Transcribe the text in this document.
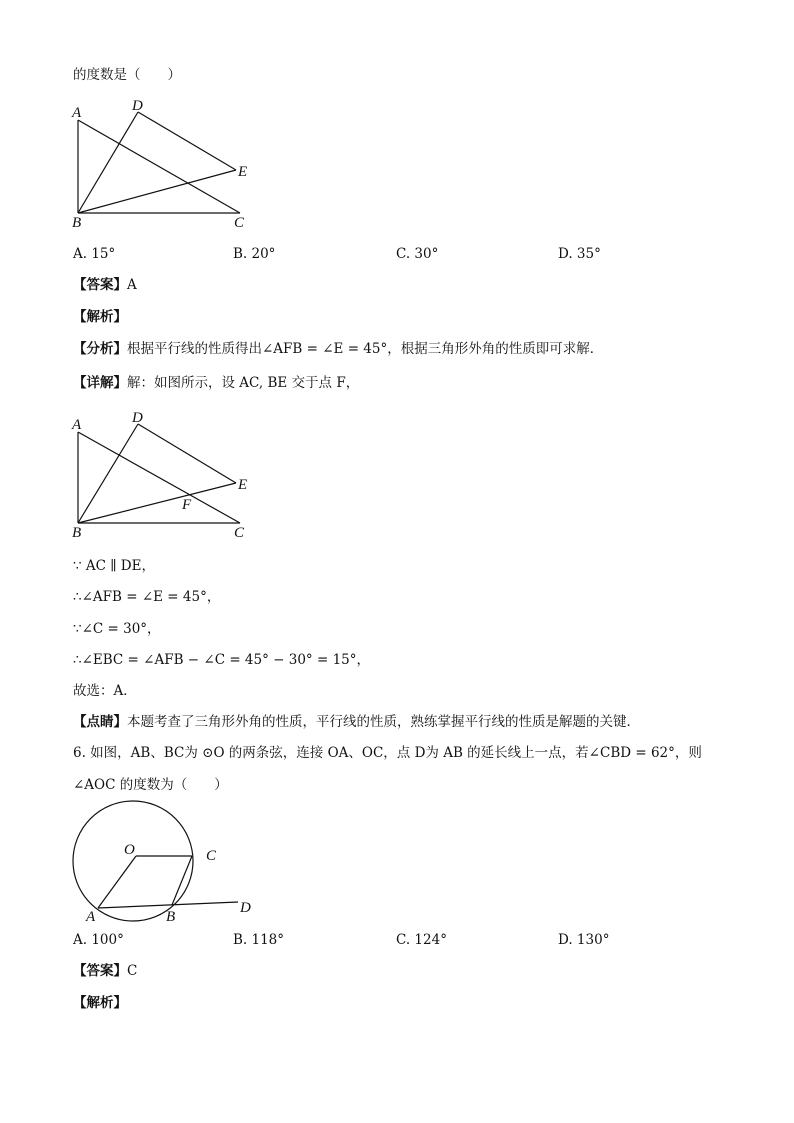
的度数是（　　）
A	D
E
B	C
A. 15°	B. 20°	C. 30°	D. 35°
【答案】A
【解析】
【分析】根据平行线的性质得出∠AFB = ∠E = 45°，根据三角形外角的性质即可求解．
【详解】解：如图所示，设 AC, BE 交于点 F，
A	D
E
F
B	C
∵ AC ∥ DE，
∴∠AFB = ∠E = 45°，
∵∠C = 30°，
∴∠EBC = ∠AFB − ∠C = 45° − 30° = 15°，
故选：A．
【点睛】本题考查了三角形外角的性质，平行线的性质，熟练掌握平行线的性质是解题的关键．
6. 如图，AB、BC为 ⊙O 的两条弦，连接 OA、OC，点 D为 AB 的延长线上一点，若∠CBD = 62°，则
∠AOC 的度数为（　　）
O	C
A	B
D
A. 100°	B. 118°	C. 124°	D. 130°
【答案】C
【解析】
